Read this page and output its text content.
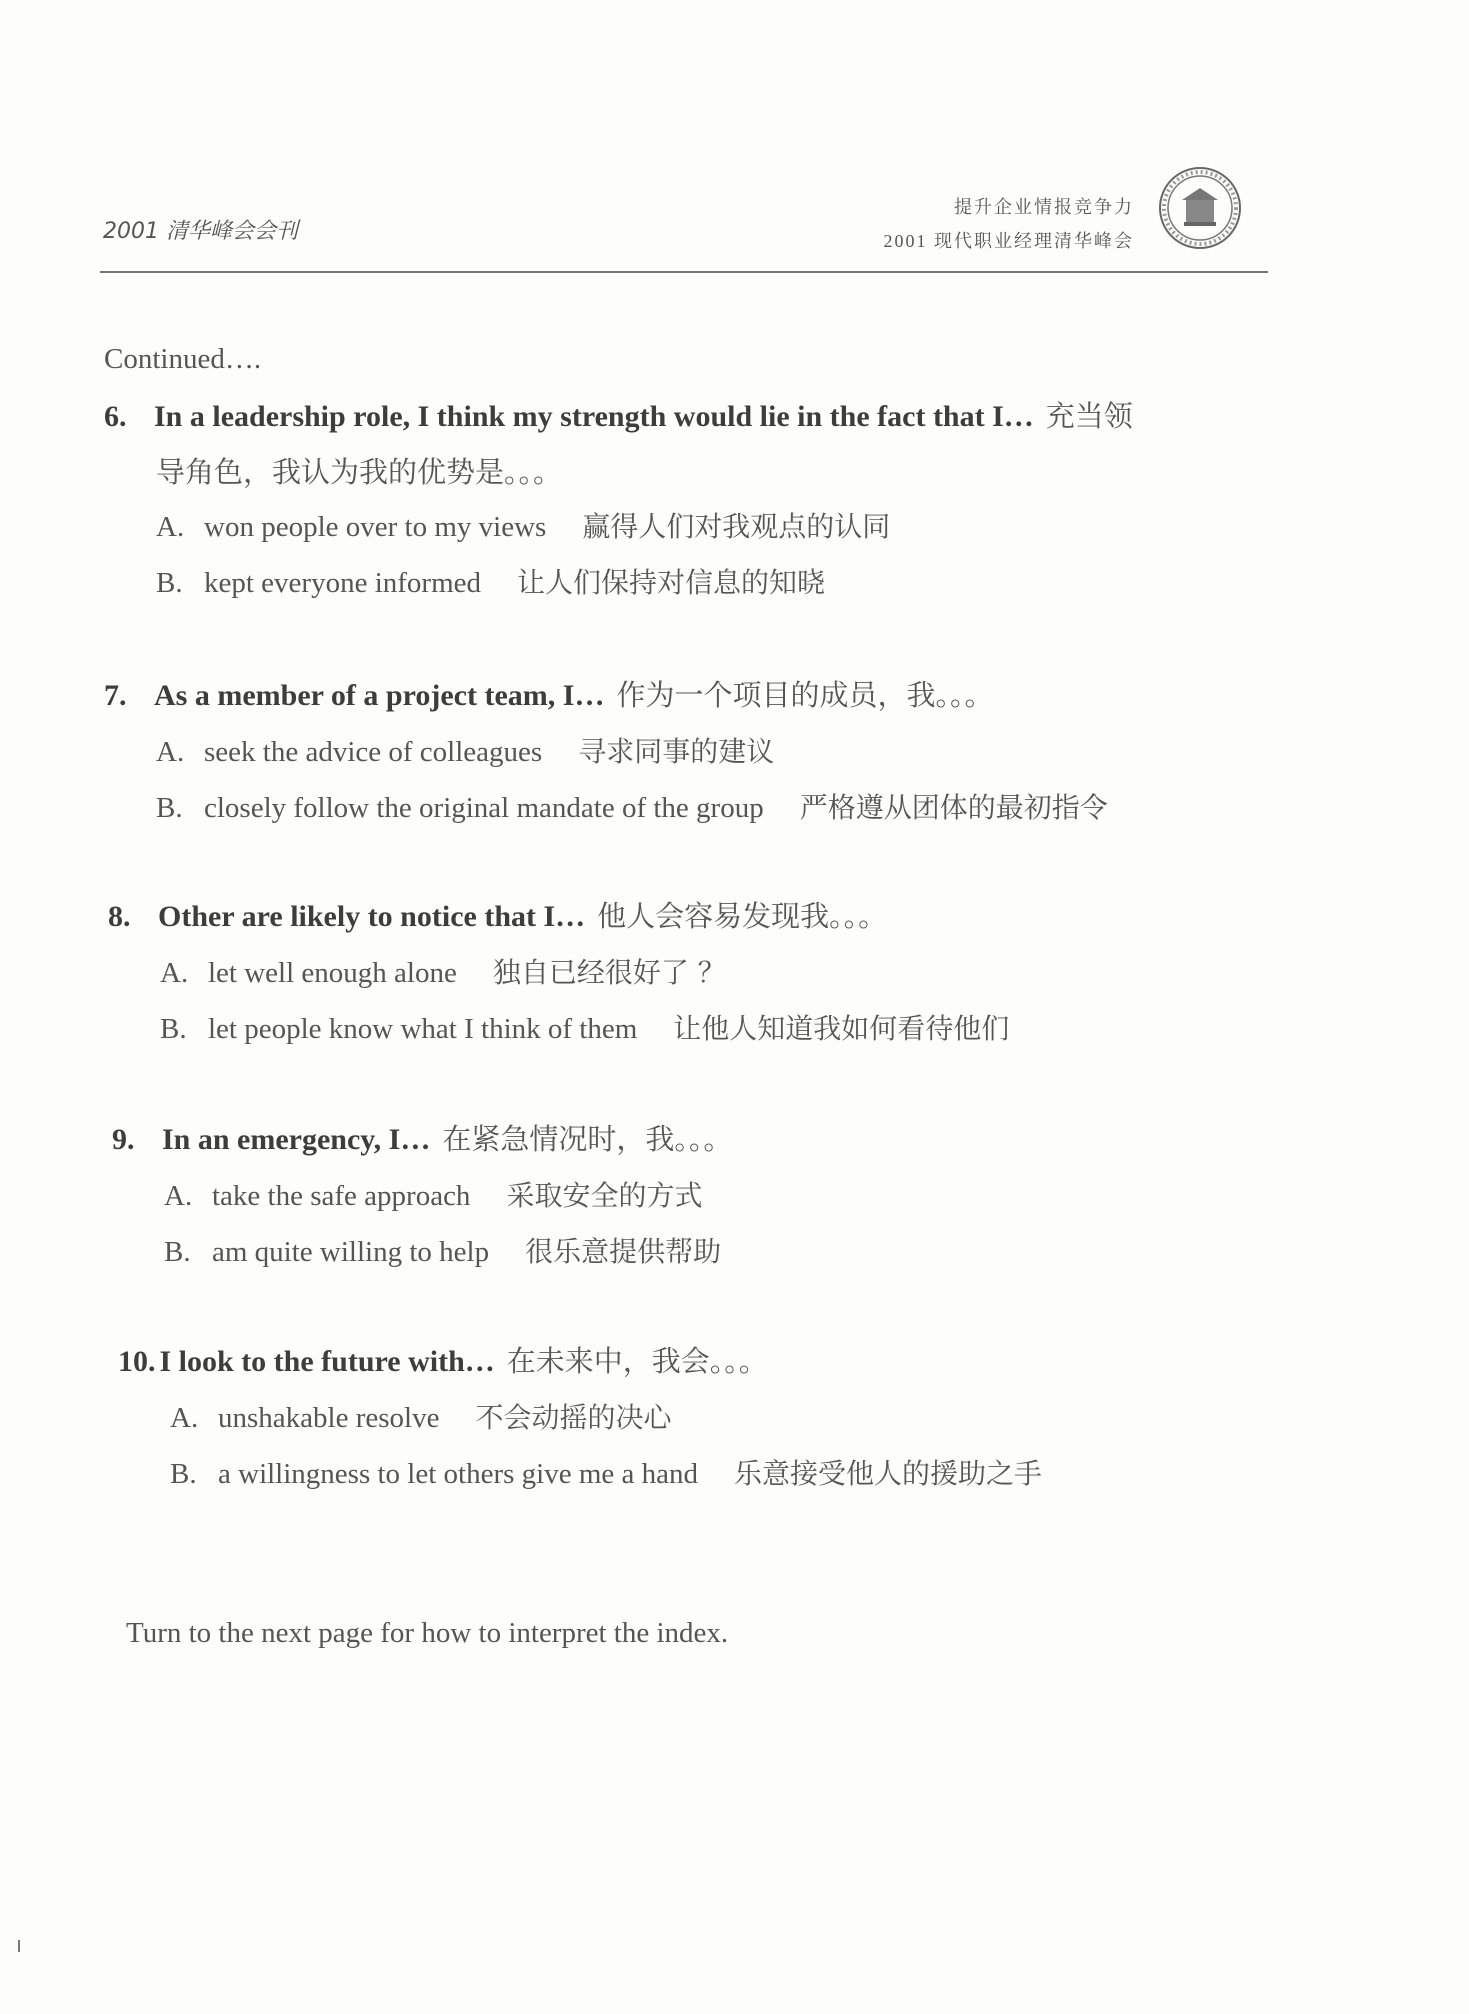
2001 清华峰会会刊
提升企业情报竞争力
2001 现代职业经理清华峰会
Continued….
6. In a leadership role, I think my strength would lie in the fact that I… 充当领
导角色，我认为我的优势是。。。
A. won people over to my views 赢得人们对我观点的认同
B. kept everyone informed 让人们保持对信息的知晓
7. As a member of a project team, I… 作为一个项目的成员，我。。。
A. seek the advice of colleagues 寻求同事的建议
B. closely follow the original mandate of the group 严格遵从团体的最初指令
8. Other are likely to notice that I… 他人会容易发现我。。。
A. let well enough alone 独自已经很好了 ？
B. let people know what I think of them 让他人知道我如何看待他们
9. In an emergency, I… 在紧急情况时，我。。。
A. take the safe approach 采取安全的方式
B. am quite willing to help 很乐意提供帮助
10. I look to the future with… 在未来中，我会。。。
A. unshakable resolve 不会动摇的决心
B. a willingness to let others give me a hand 乐意接受他人的援助之手
Turn to the next page for how to interpret the index.
